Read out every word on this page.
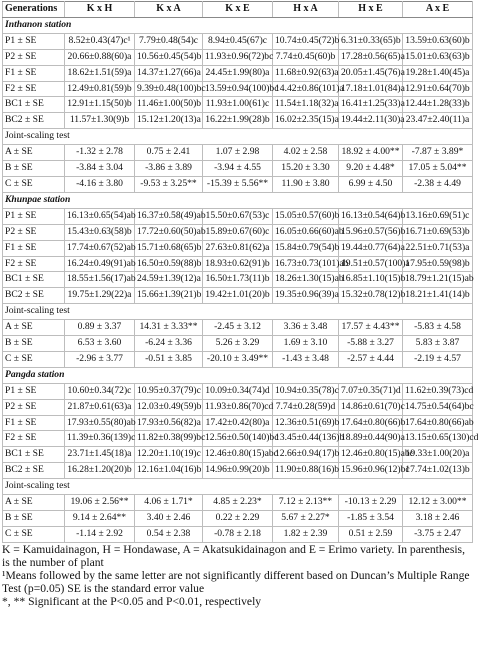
Generations	K x H	K x A	K x E	H x A	H x E	A x E
Inthanon station						
P1 ± SE	8.52±0.43(47)c¹	7.79±0.48(54)c	8.94±0.45(67)c	10.74±0.45(72)b	6.31±0.33(65)b	13.59±0.63(60)b
P2 ± SE	20.66±0.88(60)a	10.56±0.45(54)b	11.93±0.96(72)bc	7.74±0.45(60)b	17.28±0.56(65)a	15.01±0.63(63)b
F1 ± SE	18.62±1.51(59)a	14.37±1.27(66)a	24.45±1.99(80)a	11.68±0.92(63)a	20.05±1.45(76)a	19.28±1.40(45)a
F2 ± SE	12.49±0.81(59)b	9.39±0.48(100)bc	13.59±0.94(100)bc	14.42±0.86(101)a	17.18±1.01(84)a	12.91±0.64(70)b
BC1 ± SE	12.91±1.15(50)b	11.46±1.00(50)b	11.93±1.00(61)c	11.54±1.18(32)a	16.41±1.25(33)a	12.44±1.28(33)b
BC2 ± SE	11.57±1.30(9)b	15.12±1.20(13)a	16.22±1.99(28)b	16.02±2.35(15)a	19.44±2.11(30)a	23.47±2.40(11)a
Joint-scaling test						
A ± SE	-1.32 ± 2.78	0.75 ± 2.41	1.07 ± 2.98	4.02 ± 2.58	18.92 ± 4.00**	-7.87 ± 3.89*
B ± SE	-3.84 ± 3.04	-3.86 ± 3.89	-3.94 ± 4.55	15.20 ± 3.30	9.20 ± 4.48*	17.05 ± 5.04**
C ± SE	-4.16 ± 3.80	-9.53 ± 3.25**	-15.39 ± 5.56**	11.90 ± 3.80	6.99 ± 4.50	-2.38 ± 4.49
Khunpae station						
P1 ± SE	16.13±0.65(54)ab	16.37±0.58(49)ab	15.50±0.67(53)c	15.05±0.57(60)b	16.13±0.54(64)b	13.16±0.69(51)c
P2 ± SE	15.43±0.63(58)b	17.72±0.60(50)ab	15.89±0.67(60)c	16.05±0.66(60)ab	15.96±0.57(56)b	16.71±0.69(53)b
F1 ± SE	17.74±0.67(52)ab	15.71±0.68(65)b	27.63±0.81(62)a	15.84±0.79(54)b	19.44±0.77(64)a	22.51±0.71(53)a
F2 ± SE	16.24±0.49(91)ab	16.50±0.59(88)b	18.93±0.62(91)b	16.73±0.73(101)ab	19.51±0.57(100)a	17.95±0.59(98)b
BC1 ± SE	18.55±1.56(17)ab	24.59±1.39(12)a	16.50±1.73(11)b	18.26±1.30(15)ab	16.85±1.10(15)b	18.79±1.21(15)ab
BC2 ± SE	19.75±1.29(22)a	15.66±1.39(21)b	19.42±1.01(20)b	19.35±0.96(39)a	15.32±0.78(12)b	18.21±1.41(14)b
Joint-scaling test						
A ± SE	0.89 ± 3.37	14.31 ± 3.33**	-2.45 ± 3.12	3.36 ± 3.48	17.57 ± 4.43**	-5.83 ± 4.58
B ± SE	6.53 ± 3.60	-6.24 ± 3.36	5.26 ± 3.29	1.69 ± 3.10	-5.88 ± 3.27	5.83 ± 3.87
C ± SE	-2.96 ± 3.77	-0.51 ± 3.85	-20.10 ± 3.49**	-1.43 ± 3.48	-2.57 ± 4.44	-2.19 ± 4.57
Pangda station						
P1 ± SE	10.60±0.34(72)c	10.95±0.37(79)c	10.09±0.34(74)d	10.94±0.35(78)c	7.07±0.35(71)d	11.62±0.39(73)cd
P2 ± SE	21.87±0.61(63)a	12.03±0.49(59)b	11.93±0.86(70)cd	7.74±0.28(59)d	14.86±0.61(70)c	14.75±0.54(64)bc
F1 ± SE	17.93±0.55(80)ab	17.93±0.56(82)a	17.42±0.42(80)a	12.36±0.51(69)b	17.64±0.80(66)b	17.64±0.80(66)ab
F2 ± SE	11.39±0.36(139)c	11.82±0.38(99)bc	12.56±0.50(140)bc	13.45±0.44(136)b	18.89±0.44(90)a	13.15±0.65(130)cd
BC1 ± SE	23.71±1.45(18)a	12.20±1.10(19)c	12.46±0.80(15)abc	12.66±0.94(17)b	12.46±0.80(15)abc	19.33±1.00(20)a
BC2 ± SE	16.28±1.20(20)b	12.16±1.04(16)b	14.96±0.99(20)b	11.90±0.88(16)b	15.96±0.96(12)bc	17.74±1.02(13)b
Joint-scaling test						
A ± SE	19.06 ± 2.56**	4.06 ± 1.71*	4.85 ± 2.23*	7.12 ± 2.13**	-10.13 ± 2.29	12.12 ± 3.00**
B ± SE	9.14 ± 2.64**	3.40 ± 2.46	0.22 ± 2.29	5.67 ± 2.27*	-1.85 ± 3.54	3.18 ± 2.46
C ± SE	-1.14 ± 2.92	0.54 ± 2.38	-0.78 ± 2.18	1.82 ± 2.39	0.51 ± 2.59	-3.75 ± 2.47

K = Kamuidainagon, H = Hondawase, A = Akatsukidainagon and E = Erimo variety. In parenthesis, is the number of plant

¹Means followed by the same letter are not significantly different based on Duncan’s Multiple Range Test (p=0.05) SE is the standard error value

*, ** Significant at the P<0.05 and P<0.01, respectively
